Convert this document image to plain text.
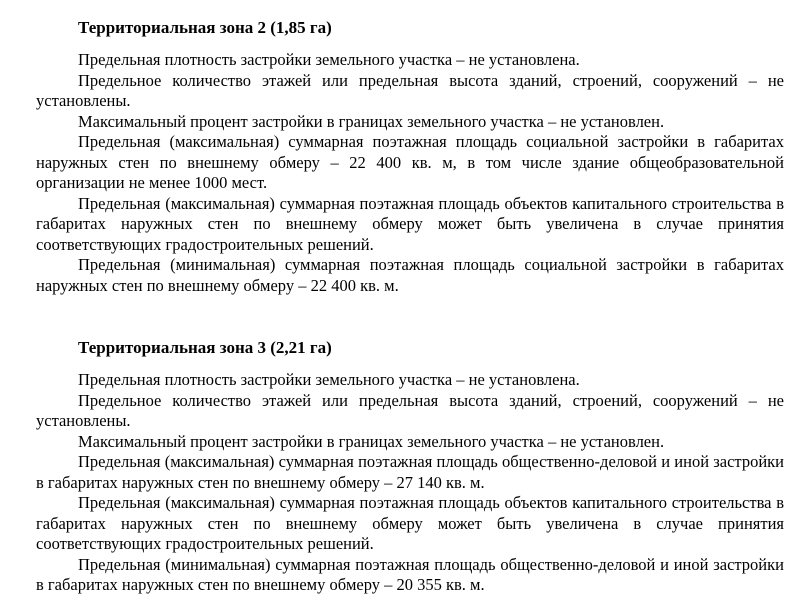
Территориальная зона 2 (1,85 га)

Предельная плотность застройки земельного участка – не установлена.

Предельное количество этажей или предельная высота зданий, строений, сооружений – не установлены.

Максимальный процент застройки в границах земельного участка – не установлен.

Предельная (максимальная) суммарная поэтажная площадь социальной застройки в габаритах наружных стен по внешнему обмеру – 22 400 кв. м, в том числе здание общеобразовательной организации не менее 1000 мест.

Предельная (максимальная) суммарная поэтажная площадь объектов капитального строительства в габаритах наружных стен по внешнему обмеру может быть увеличена в случае принятия соответствующих градостроительных решений.

Предельная (минимальная) суммарная поэтажная площадь социальной застройки в габаритах наружных стен по внешнему обмеру – 22 400 кв. м.

Территориальная зона 3 (2,21 га)

Предельная плотность застройки земельного участка – не установлена.

Предельное количество этажей или предельная высота зданий, строений, сооружений – не установлены.

Максимальный процент застройки в границах земельного участка – не установлен.

Предельная (максимальная) суммарная поэтажная площадь общественно-деловой и иной застройки в габаритах наружных стен по внешнему обмеру – 27 140 кв. м.

Предельная (максимальная) суммарная поэтажная площадь объектов капитального строительства в габаритах наружных стен по внешнему обмеру может быть увеличена в случае принятия соответствующих градостроительных решений.

Предельная (минимальная) суммарная поэтажная площадь общественно-деловой и иной застройки в габаритах наружных стен по внешнему обмеру – 20 355 кв. м.
